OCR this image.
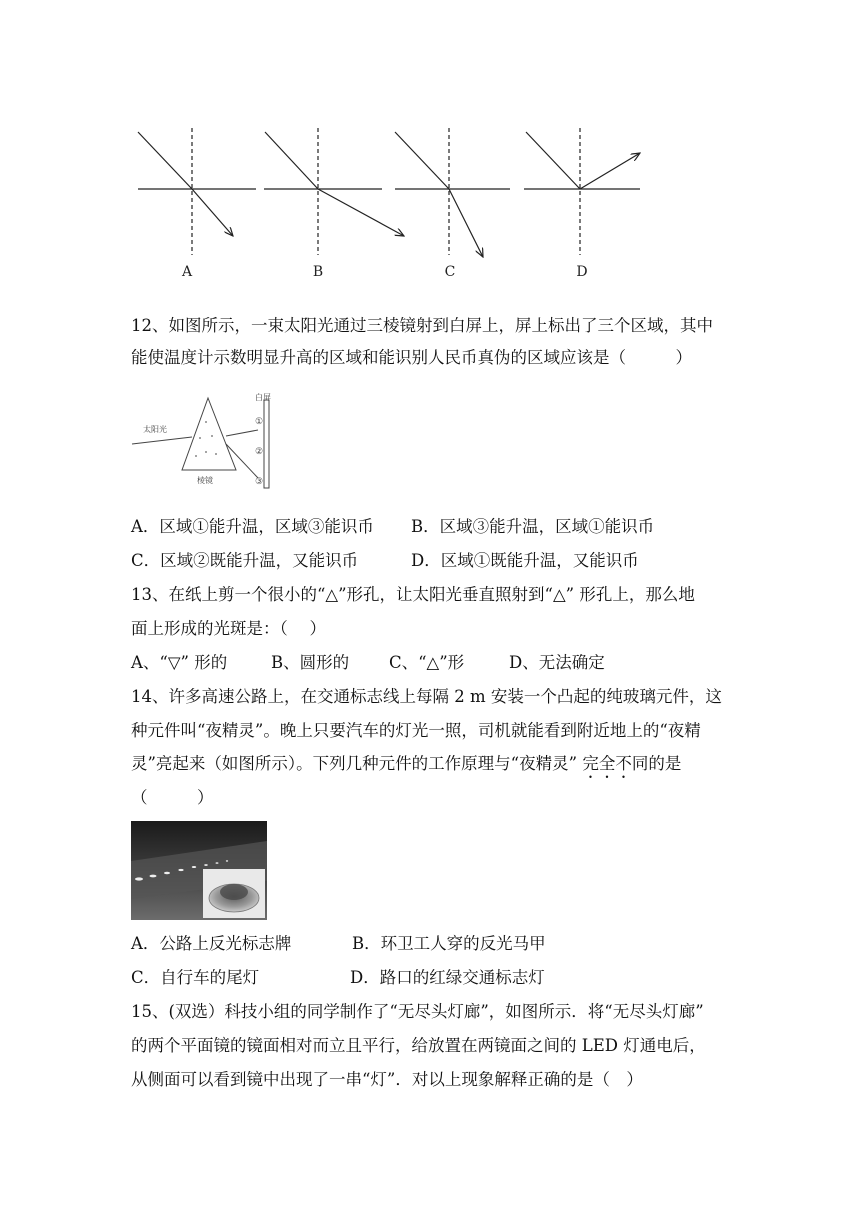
A	B	C	D
12、如图所示，一束太阳光通过三棱镜射到白屏上，屏上标出了三个区域，其中
能使温度计示数明显升高的区域和能识别人民币真伪的区域应该是（　　　）
太阳光
白屏
棱镜
①
②
③
A．区域①能升温，区域③能识币 B．区域③能升温，区域①能识币
C．区域②既能升温，又能识币	D．区域①既能升温，又能识币
13、在纸上剪一个很小的“△”形孔，让太阳光垂直照射到“△” 形孔上，那么地
面上形成的光斑是：（　 ）
A、“▽” 形的	B、圆形的 C、“△”形	D、无法确定
14、许多高速公路上，在交通标志线上每隔 2 m 安装一个凸起的纯玻璃元件，这
种元件叫“夜精灵”。晚上只要汽车的灯光一照，司机就能看到附近地上的“夜精
灵”亮起来（如图所示）。下列几种元件的工作原理与“夜精灵” 完全不同的是
（　　　）
A．公路上反光标志牌	B．环卫工人穿的反光马甲
C．自行车的尾灯	D．路口的红绿交通标志灯
15、(双选）科技小组的同学制作了“无尽头灯廊”，如图所示．将“无尽头灯廊”
的两个平面镜的镜面相对而立且平行，给放置在两镜面之间的 LED 灯通电后，
从侧面可以看到镜中出现了一串“灯”．对以上现象解释正确的是（　）
